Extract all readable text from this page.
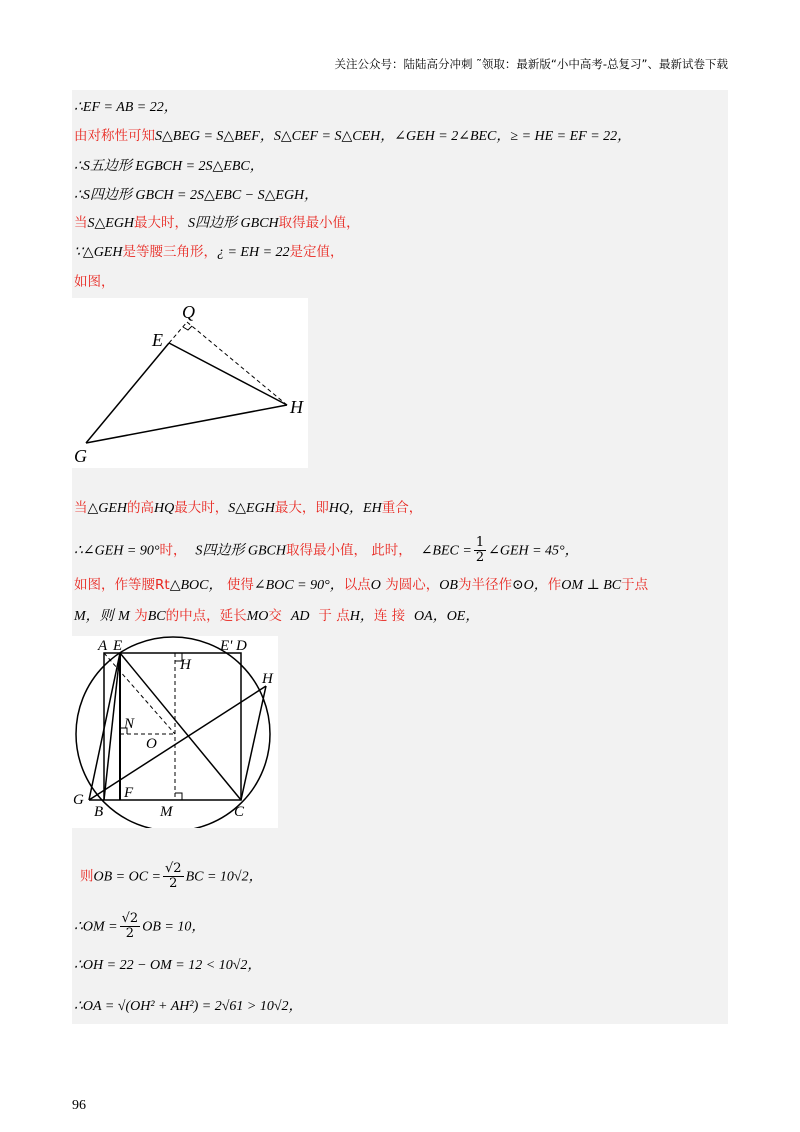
关注公众号：陆陆高分冲刺 ˜领取：最新版“小中高考-总复习”、最新试卷下载
∴EF = AB = 22，
由对称性可知S△BEG = S△BEF，S△CEF = S△CEH，∠GEH = 2∠BEC，≥ = HE = EF = 22，
∴S五边形 EGBCH = 2S△EBC，
∴S四边形 GBCH = 2S△EBC − S△EGH，
当S△EGH最大时，S四边形 GBCH取得最小值，
∵△GEH是等腰三角形，¿ = EH = 22是定值，
如图，
Q
E
H
G
当△GEH的高HQ最大时，S△EGH最大，即HQ，EH重合，
∴∠GEH = 90°时， S四边形 GBCH取得最小值， 此时， ∠BEC = $\frac{1}{2}$ ∠GEH = 45°，
如图，作等腰Rt△BOC， 使得∠BOC = 90°，以点O 为圆心，OB为半径作⊙O，作OM ⊥ BC于点
M，则 M 为BC的中点，延长MO交 AD 于 点H，连 接 OA，OE，
A E	E' D
H
H
N
O
G	F
B	M	C
则OB = OC = $\frac{√2}{2}$ BC = 10√2，
∴OM = $\frac{√2}{2}$ OB = 10，
∴OH = 22 − OM = 12 < 10√2，
∴OA = √(OH² + AH²) = 2√61 > 10√2，
96
